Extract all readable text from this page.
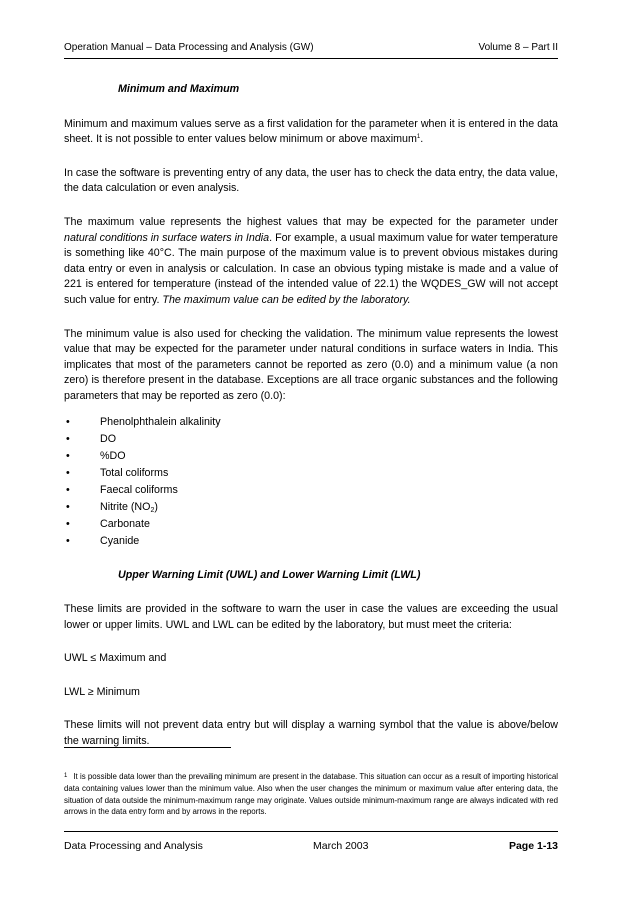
Operation Manual – Data Processing and Analysis (GW)	Volume 8 – Part II

Minimum and Maximum

Minimum and maximum values serve as a first validation for the parameter when it is entered in the data sheet. It is not possible to enter values below minimum or above maximum$^1$.

In case the software is preventing entry of any data, the user has to check the data entry, the data value, the data calculation or even analysis.

The maximum value represents the highest values that may be expected for the parameter under natural conditions in surface waters in India. For example, a usual maximum value for water temperature is something like 40°C. The main purpose of the maximum value is to prevent obvious mistakes during data entry or even in analysis or calculation. In case an obvious typing mistake is made and a value of 221 is entered for temperature (instead of the intended value of 22.1) the WQDES_GW will not accept such value for entry. The maximum value can be edited by the laboratory.

The minimum value is also used for checking the validation. The minimum value represents the lowest value that may be expected for the parameter under natural conditions in surface waters in India. This implicates that most of the parameters cannot be reported as zero (0.0) and a minimum value (a non zero) is therefore present in the database. Exceptions are all trace organic substances and the following parameters that may be reported as zero (0.0):

•	Phenolphthalein alkalinity
•	DO
•	%DO
•	Total coliforms
•	Faecal coliforms
•	Nitrite $(NO_2)$
•	Carbonate
•	Cyanide

Upper Warning Limit (UWL) and Lower Warning Limit (LWL)

These limits are provided in the software to warn the user in case the values are exceeding the usual lower or upper limits. UWL and LWL can be edited by the laboratory, but must meet the criteria:

UWL ≤ Maximum and

LWL ≥ Minimum

These limits will not prevent data entry but will display a warning symbol that the value is above/below the warning limits.

$^1$ It is possible data lower than the prevailing minimum are present in the database. This situation can occur as a result of importing historical data containing values lower than the minimum value. Also when the user changes the minimum or maximum value after entering data, the situation of data outside the minimum-maximum range may originate. Values outside minimum-maximum range are always indicated with red arrows in the data entry form and by arrows in the reports.
Data Processing and Analysis	March 2003	Page 1-13
